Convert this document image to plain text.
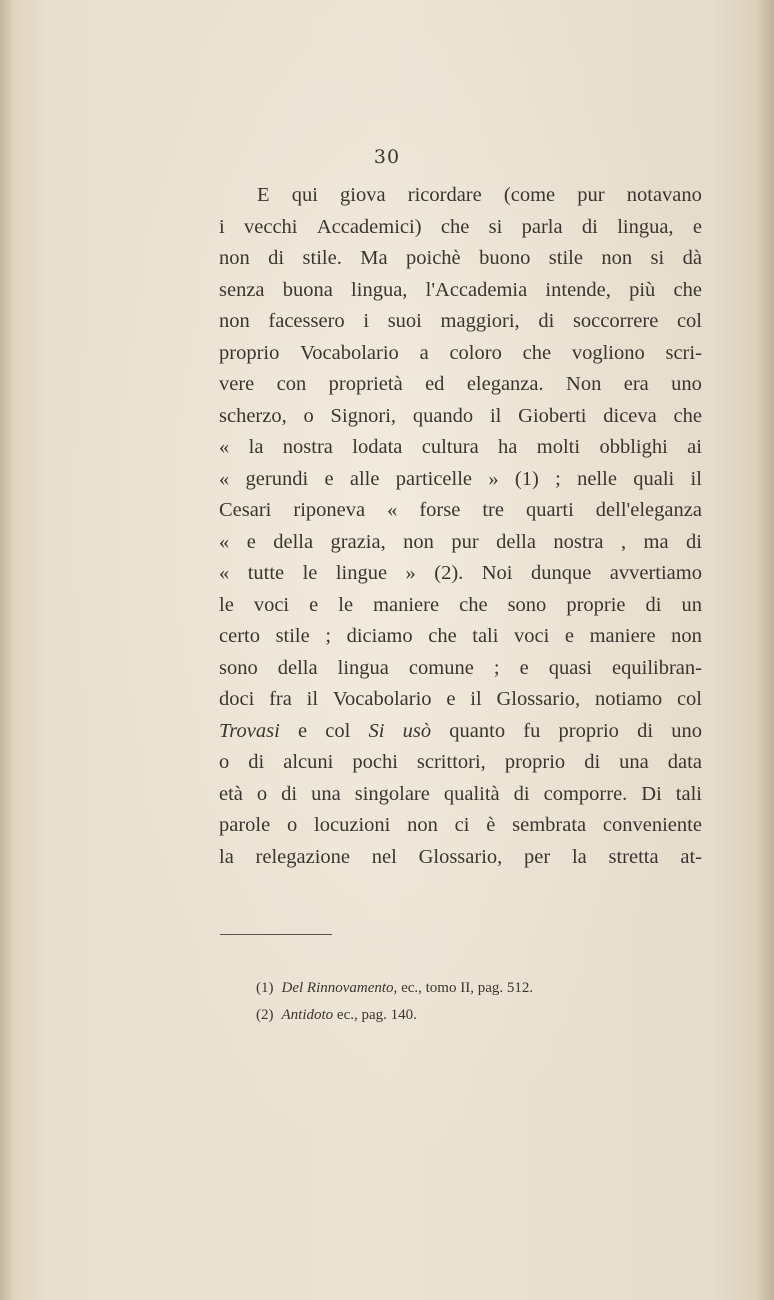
30
E qui giova ricordare (come pur notavano
i vecchi Accademici) che si parla di lingua, e
non di stile. Ma poichè buono stile non si dà
senza buona lingua, l'Accademia intende, più che
non facessero i suoi maggiori, di soccorrere col
proprio Vocabolario a coloro che vogliono scri-
vere con proprietà ed eleganza. Non era uno
scherzo, o Signori, quando il Gioberti diceva che
« la nostra lodata cultura ha molti obblighi ai
« gerundi e alle particelle » (1) ; nelle quali il
Cesari riponeva « forse tre quarti dell'eleganza
« e della grazia, non pur della nostra , ma di
« tutte le lingue » (2). Noi dunque avvertiamo
le voci e le maniere che sono proprie di un
certo stile ; diciamo che tali voci e maniere non
sono della lingua comune ; e quasi equilibran-
doci fra il Vocabolario e il Glossario, notiamo col
Trovasi e col Si usò quanto fu proprio di uno
o di alcuni pochi scrittori, proprio di una data
età o di una singolare qualità di comporre. Di tali
parole o locuzioni non ci è sembrata conveniente
la relegazione nel Glossario, per la stretta at-
(1) Del Rinnovamento, ec., tomo II, pag. 512.
(2) Antidoto ec., pag. 140.
